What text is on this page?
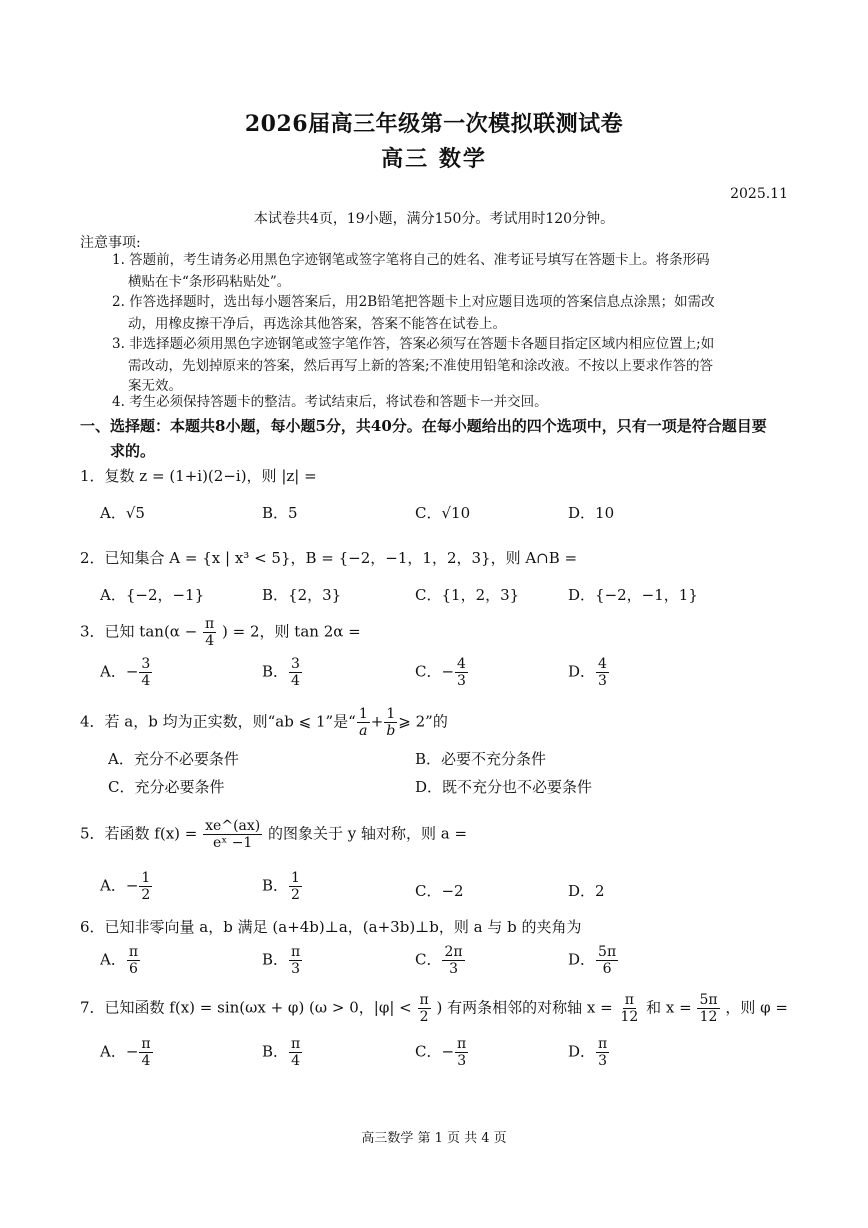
2026届高三年级第一次模拟联测试卷
高三 数学
2025.11
本试卷共4页，19小题，满分150分。考试用时120分钟。
注意事项:
1. 答题前，考生请务必用黑色字迹钢笔或签字笔将自己的姓名、准考证号填写在答题卡上。将条形码
横贴在卡“条形码粘贴处”。
2. 作答选择题时，选出每小题答案后，用2B铅笔把答题卡上对应题目选项的答案信息点涂黑；如需改
动，用橡皮擦干净后，再选涂其他答案，答案不能答在试卷上。
3. 非选择题必须用黑色字迹钢笔或签字笔作答，答案必须写在答题卡各题目指定区域内相应位置上;如
需改动，先划掉原来的答案，然后再写上新的答案;不准使用铅笔和涂改液。不按以上要求作答的答
案无效。
4. 考生必须保持答题卡的整洁。考试结束后，将试卷和答题卡一并交回。
一、选择题：本题共8小题，每小题5分，共40分。在每小题给出的四个选项中，只有一项是符合题目要
求的。
1．复数 z = (1+i)(2−i)，则 |z| =
A．√5	B．5	C．√10	D．10
2．已知集合 A = {x | x³ < 5}，B = {−2，−1，1，2，3}，则 A∩B =
A．{−2，−1}	B．{2，3}	C．{1，2，3}	D．{−2，−1，1}
3．已知 $\tan(\alpha - \frac{\pi}{4}$ ) = 2，则 tan 2α =
A．− $\frac{3}{4}$	B． $\frac{3}{4}$	C．− $\frac{4}{3}$	D． $\frac{4}{3}$
4．若 a，b 均为正实数，则“ab ⩽ 1”是“ $\frac{1}{a} + \frac{1}{b}$ ⩾ 2”的
A．充分不必要条件	B．必要不充分条件
C．充分必要条件	D．既不充分也不必要条件
5．若函数 $f(x) = \frac{xe\^{}(ax)}{\text{eˣ −1}}$ 的图象关于 y 轴对称，则 a =
A．− $\frac{1}{2}$	B． $\frac{1}{2}$	C．−2	D．2
6．已知非零向量 a，b 满足 (a+4b)⊥a，(a+3b)⊥b，则 a 与 b 的夹角为
A． $\frac{\pi}{6}$	B． $\frac{\pi}{3}$	C． $\frac{2\pi}{3}$	D． $\frac{5\pi}{6}$
7．已知函数 f(x) = sin(ωx + φ) (ω > 0，$|\varphi| < \frac{\pi}{2}$ ) 有两条相邻的对称轴 $x = \frac{\pi}{12}$ 和 $x = \frac{5\pi}{12}$ ，则 φ =
A．− $\frac{\pi}{4}$	B． $\frac{\pi}{4}$	C．− $\frac{\pi}{3}$	D． $\frac{\pi}{3}$
高三数学 第 1 页 共 4 页
